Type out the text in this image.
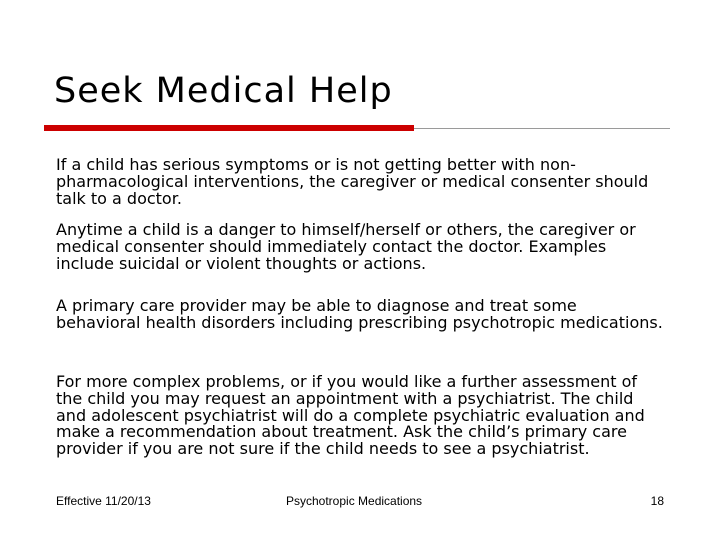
Seek Medical Help

If a child has serious symptoms or is not getting better with non-pharmacological interventions, the caregiver or medical consenter should talk to a doctor.

Anytime a child is a danger to himself/herself or others, the caregiver or medical consenter should immediately contact the doctor. Examples include suicidal or violent thoughts or actions.

A primary care provider may be able to diagnose and treat some behavioral health disorders including prescribing psychotropic medications.

For more complex problems, or if you would like a further assessment of the child you may request an appointment with a psychiatrist. The child and adolescent psychiatrist will do a complete psychiatric evaluation and make a recommendation about treatment. Ask the child’s primary care provider if you are not sure if the child needs to see a psychiatrist.

Effective 11/20/13	Psychotropic Medications	18
